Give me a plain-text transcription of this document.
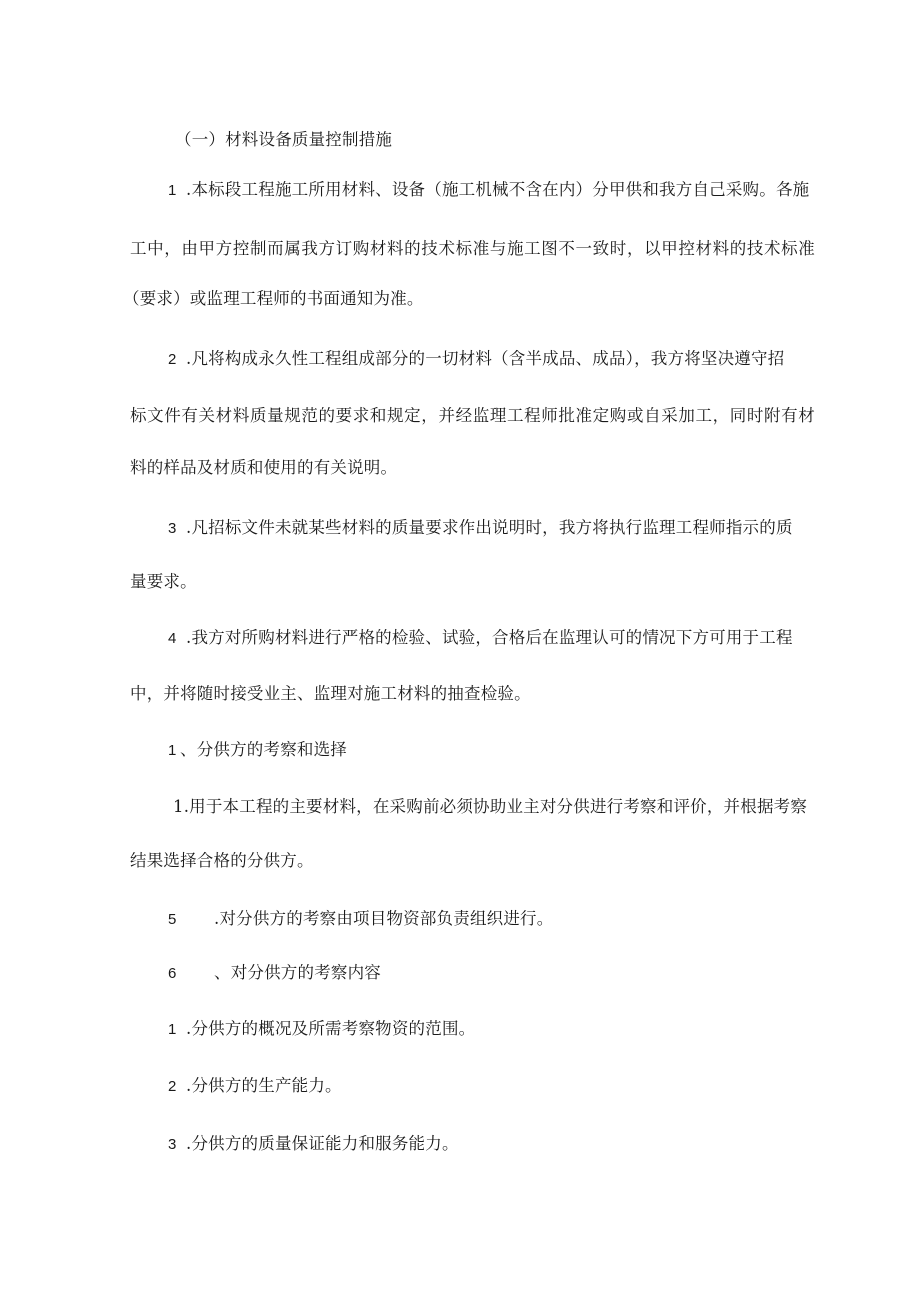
（一）材料设备质量控制措施
1 .本标段工程施工所用材料、设备（施工机械不含在内）分甲供和我方自己采购。各施
工中，由甲方控制而属我方订购材料的技术标准与施工图不一致时，以甲控材料的技术标准
（要求）或监理工程师的书面通知为准。
2 .凡将构成永久性工程组成部分的一切材料（含半成品、成品），我方将坚决遵守招
标文件有关材料质量规范的要求和规定，并经监理工程师批准定购或自采加工，同时附有材
料的样品及材质和使用的有关说明。
3 .凡招标文件未就某些材料的质量要求作出说明时，我方将执行监理工程师指示的质
量要求。
4 .我方对所购材料进行严格的检验、试验，合格后在监理认可的情况下方可用于工程
中，并将随时接受业主、监理对施工材料的抽查检验。
1 、分供方的考察和选择
1.用于本工程的主要材料，在采购前必须协助业主对分供进行考察和评价，并根据考察
结果选择合格的分供方。
5 .对分供方的考察由项目物资部负责组织进行。
6 、对分供方的考察内容
1 .分供方的概况及所需考察物资的范围。
2 .分供方的生产能力。
3 .分供方的质量保证能力和服务能力。
